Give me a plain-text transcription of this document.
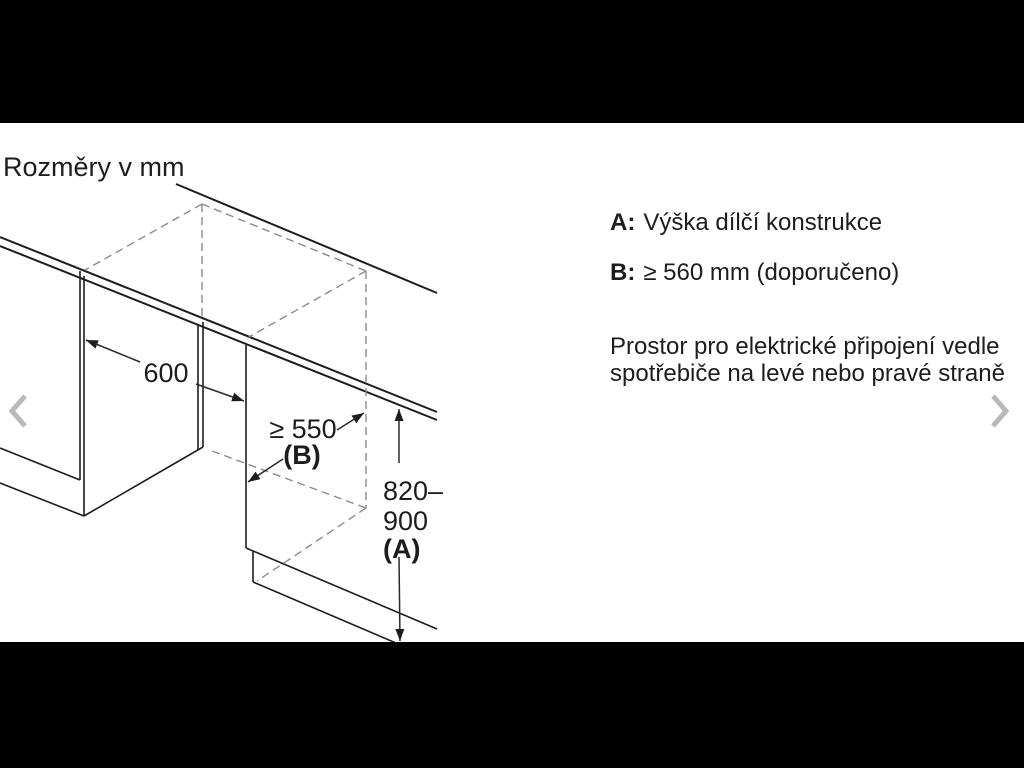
Rozměry v mm
600
≥ 550
(B)
820–
900
(A)
A: Výška dílčí konstrukce
B: ≥ 560 mm (doporučeno)
Prostor pro elektrické připojení vedle
spotřebiče na levé nebo pravé straně
